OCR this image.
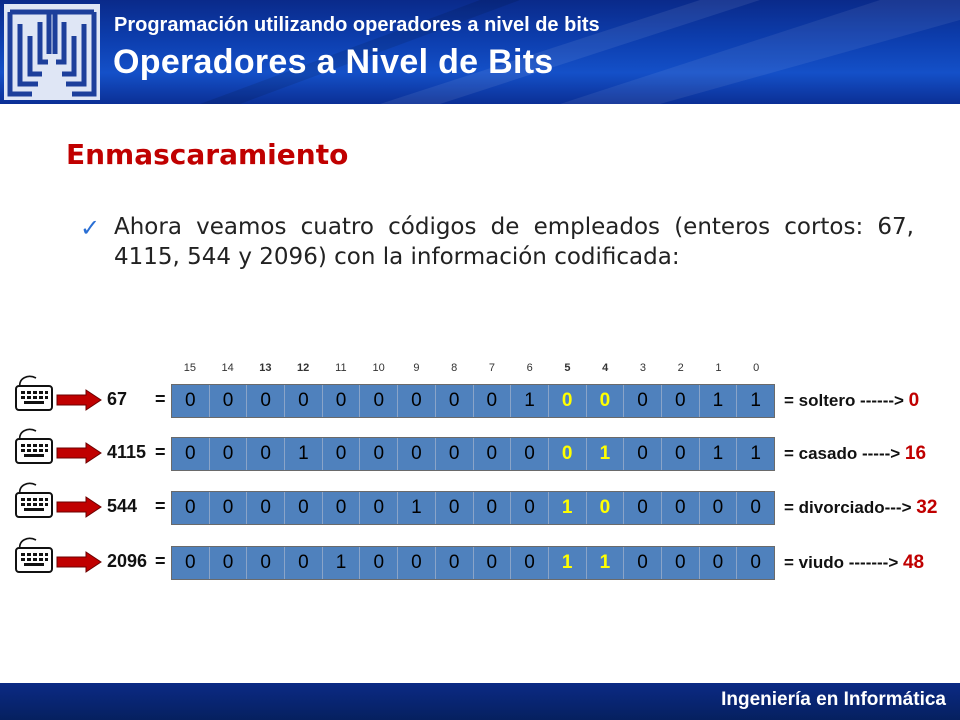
Programación utilizando operadores a nivel de bits
Operadores a Nivel de Bits
Enmascaramiento
✓ Ahora veamos cuatro códigos de empleados (enteros cortos: 67, 4115, 544 y 2096) con la información codificada:
15	14	13	12	11	10	9	8	7	6	5	4	3	2	1	0
67 =	0	0	0	0	0	0	0	0	0	1	0	0	0	0	1	1	= soltero ------> 0
4115 =	0	0	0	1	0	0	0	0	0	0	0	1	0	0	1	1	= casado -----> 16
544 =	0	0	0	0	0	0	1	0	0	0	1	0	0	0	0	0	= divorciado---> 32
2096 =	0	0	0	0	1	0	0	0	0	0	1	1	0	0	0	0	= viudo -------> 48
Ingeniería en Informática
